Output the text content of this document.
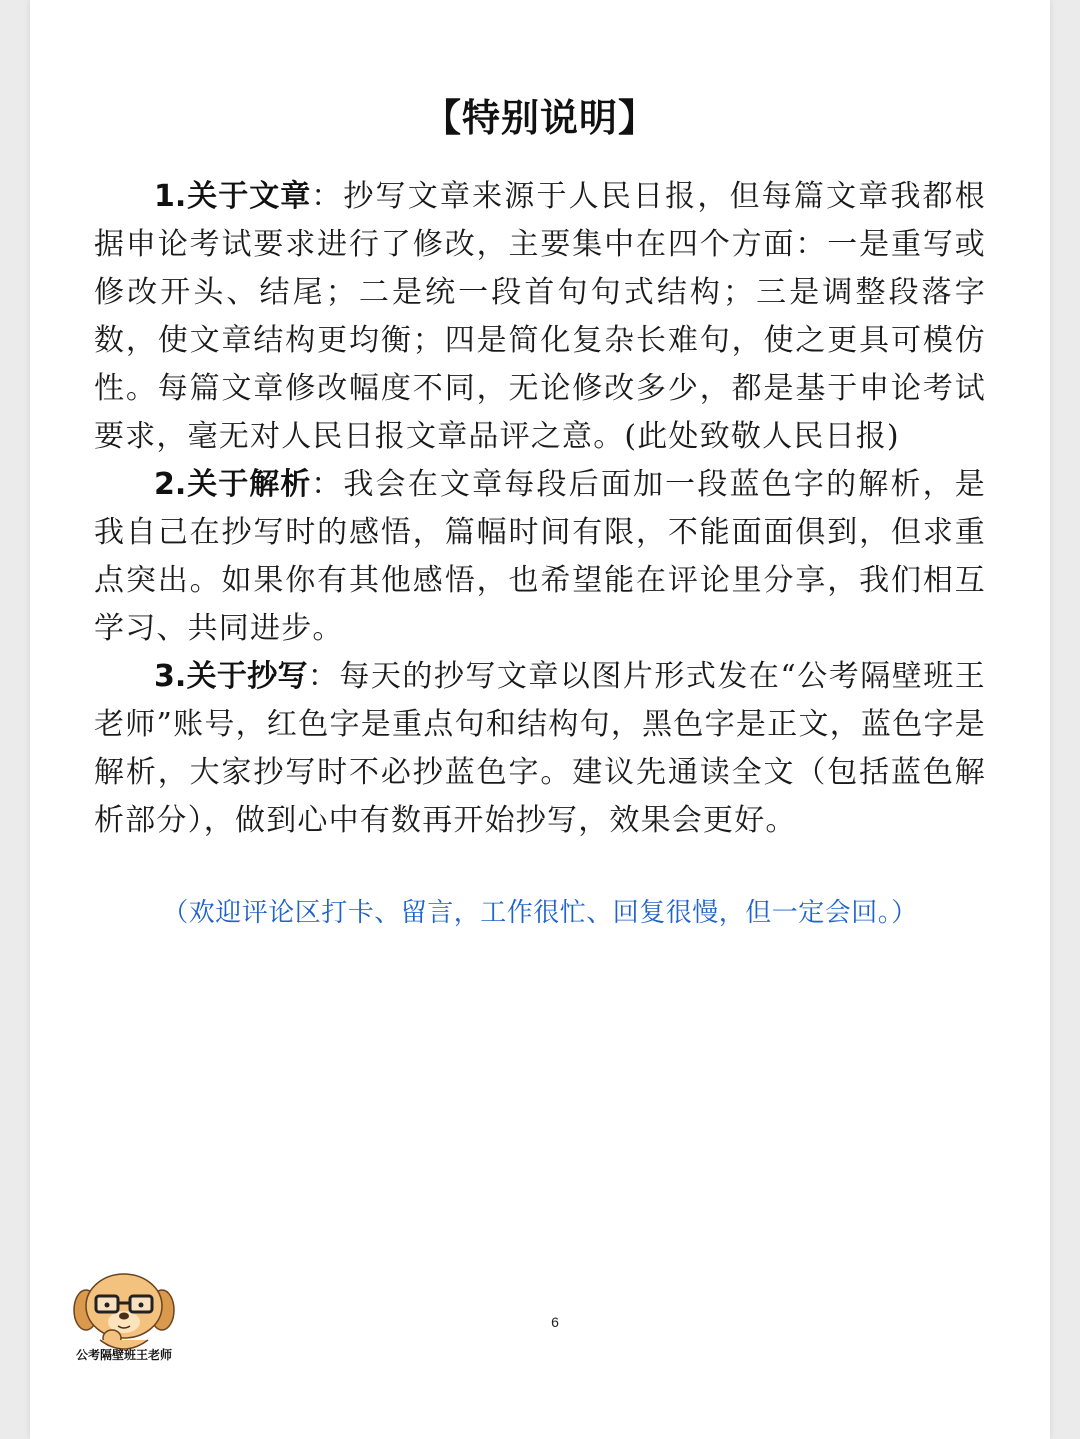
【特别说明】

1.关于文章：抄写文章来源于人民日报，但每篇文章我都根据申论考试要求进行了修改，主要集中在四个方面：一是重写或修改开头、结尾；二是统一段首句句式结构；三是调整段落字数，使文章结构更均衡；四是简化复杂长难句，使之更具可模仿性。每篇文章修改幅度不同，无论修改多少，都是基于申论考试要求，毫无对人民日报文章品评之意。(此处致敬人民日报)

2.关于解析：我会在文章每段后面加一段蓝色字的解析，是我自己在抄写时的感悟，篇幅时间有限，不能面面俱到，但求重点突出。如果你有其他感悟，也希望能在评论里分享，我们相互学习、共同进步。

3.关于抄写：每天的抄写文章以图片形式发在“公考隔壁班王老师”账号，红色字是重点句和结构句，黑色字是正文，蓝色字是解析，大家抄写时不必抄蓝色字。建议先通读全文（包括蓝色解析部分），做到心中有数再开始抄写，效果会更好。

（欢迎评论区打卡、留言，工作很忙、回复很慢，但一定会回。）
6
公考隔壁班王老师
